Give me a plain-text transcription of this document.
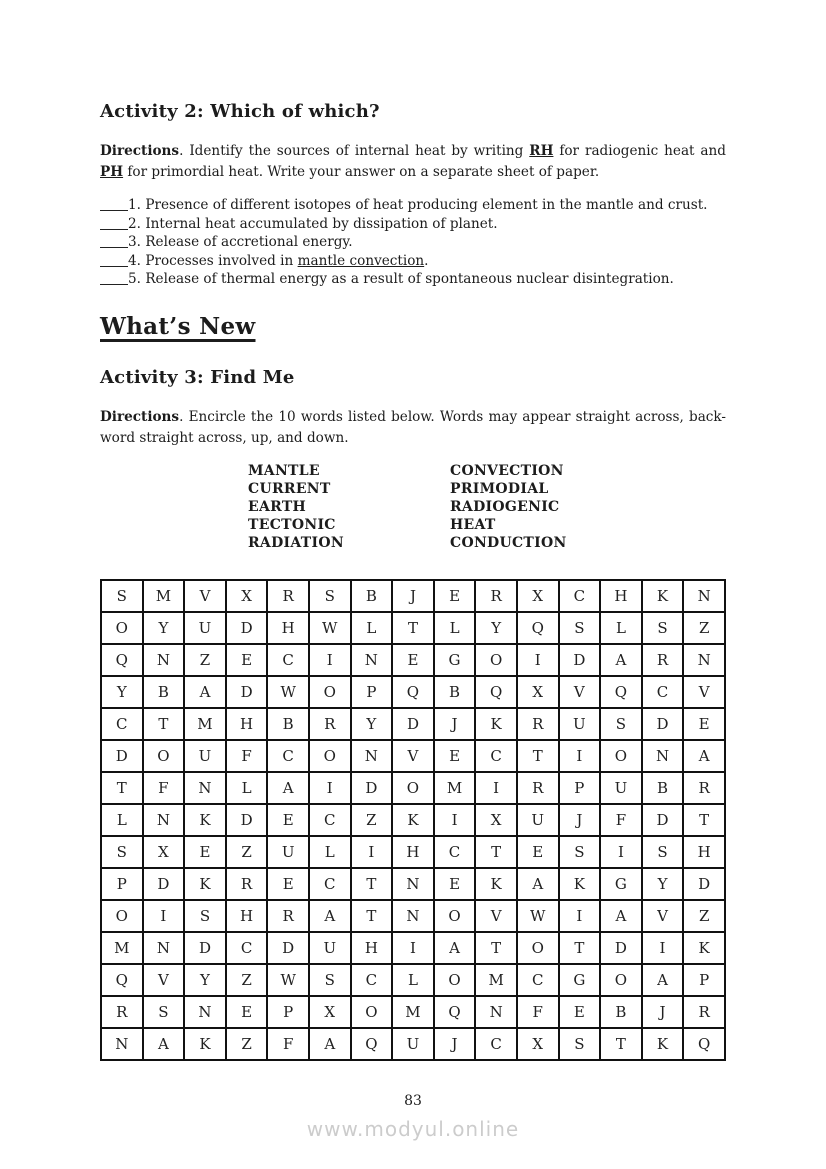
Activity 2: Which of which?

Directions. Identify the sources of internal heat by writing RH for radiogenic heat and PH for primordial heat. Write your answer on a separate sheet of paper.

1. Presence of different isotopes of heat producing element in the mantle and crust.
2. Internal heat accumulated by dissipation of planet.
3. Release of accretional energy.
4. Processes involved in mantle convection.
5. Release of thermal energy as a result of spontaneous nuclear disintegration.
What’s New
Activity 3: Find Me

Directions. Encircle the 10 words listed below. Words may appear straight across, back-word straight across, up, and down.

MANTLE
CURRENT
EARTH
TECTONIC
RADIATION
CONVECTION
PRIMODIAL
RADIOGENIC
HEAT
CONDUCTION
S	M	V	X	R	S	B	J	E	R	X	C	H	K	N
O	Y	U	D	H	W	L	T	L	Y	Q	S	L	S	Z
Q	N	Z	E	C	I	N	E	G	O	I	D	A	R	N
Y	B	A	D	W	O	P	Q	B	Q	X	V	Q	C	V
C	T	M	H	B	R	Y	D	J	K	R	U	S	D	E
D	O	U	F	C	O	N	V	E	C	T	I	O	N	A
T	F	N	L	A	I	D	O	M	I	R	P	U	B	R
L	N	K	D	E	C	Z	K	I	X	U	J	F	D	T
S	X	E	Z	U	L	I	H	C	T	E	S	I	S	H
P	D	K	R	E	C	T	N	E	K	A	K	G	Y	D
O	I	S	H	R	A	T	N	O	V	W	I	A	V	Z
M	N	D	C	D	U	H	I	A	T	O	T	D	I	K
Q	V	Y	Z	W	S	C	L	O	M	C	G	O	A	P
R	S	N	E	P	X	O	M	Q	N	F	E	B	J	R
N	A	K	Z	F	A	Q	U	J	C	X	S	T	K	Q
83
www.modyul.online
